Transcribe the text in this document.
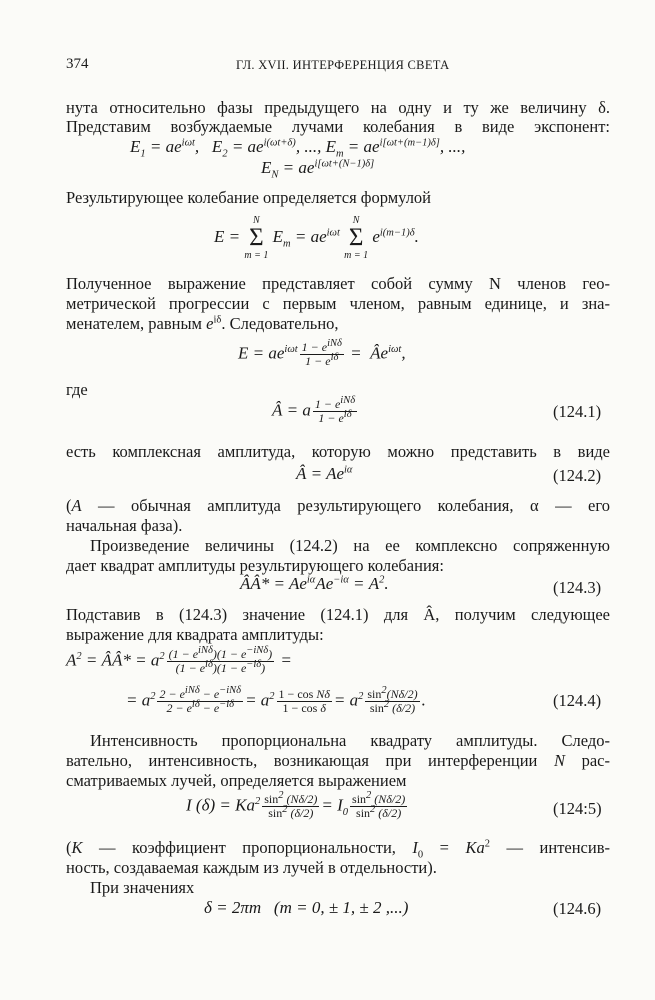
374	ГЛ. XVII. ИНТЕРФЕРЕНЦИЯ СВЕТА
нута относительно фазы предыдущего на одну и ту же величину δ.
Представим возбуждаемые лучами колебания в виде экспонент:
$E_1 = ae^{i\omega t}$,   $E_2 = ae^{i(\omega t+\delta)}$, ..., $E_m = ae^{i[\omega t+(m-1)\delta]}$, ...,
$E_N = ae^{i[\omega t+(N-1)\delta]}$
Результирующее колебание определяется формулой
E =
N
Σ
m = 1
$E_m = ae^{i\omega t}$
N
Σ
m = 1
$e^{i(m-1)\delta}$.
Полученное выражение представляет собой сумму N членов гео-
метрической прогрессии с первым членом, равным единице, и зна-
менателем, равным $e^{i\delta}$. Следовательно,
$E = ae^{i\omega t} \frac{1 - e^{iN\delta}}{1 - e^{i\delta}}$ =  $Âe^{i\omega t}$,
где
Â = a $\frac{1 - e^{iN\delta}}{1 - e^{i\delta}}$	(124.1)
есть комплексная амплитуда, которую можно представить в виде
Â = $Ae^{i\alpha}$	(124.2)
(A — обычная амплитуда результирующего колебания, α — его
начальная фаза).
Произведение величины (124.2) на ее комплексно сопряженную
дает квадрат амплитуды результирующего колебания:
ÂÂ* = $Ae^{i\alpha}Ae^{-i\alpha} = A^2$.	(124.3)
Подставив в (124.3) значение (124.1) для Â, получим следующее
выражение для квадрата амплитуды:
$A^2$ = ÂÂ* = $a^2 \frac{(1 - e^{iN\delta})(1 - e^{-iN\delta})}{(1 - e^{i\delta})(1 - e^{-i\delta})}$ =
= $a^2 \frac{2 - e^{iN\delta} - e^{-iN\delta}}{2 - e^{i\delta} - e^{-i\delta}} = a^2 \frac{\text{1 − cos Nδ}}{\text{1 − cos δ}} = a^2 \frac{\sin^2(N\delta/2)}{\sin^2 (\delta/2)}$ .	(124.4)
Интенсивность пропорциональна квадрату амплитуды. Следо-
вательно, интенсивность, возникающая при интерференции N рас-
сматриваемых лучей, определяется выражением
I $(\delta) = Ka^2 \frac{\sin^2 (N\delta/2)}{\sin^2 (\delta/2)} = I_0 \frac{\sin^2 (N\delta/2)}{\sin^2 (\delta/2)}$	(124:5)
(K — коэффициент пропорциональности, $I_0 = Ka^2$ — интенсив-
ность, создаваемая каждым из лучей в отдельности).
При значениях
δ = 2πm   (m = 0, ± 1, ± 2 ,...)	(124.6)
